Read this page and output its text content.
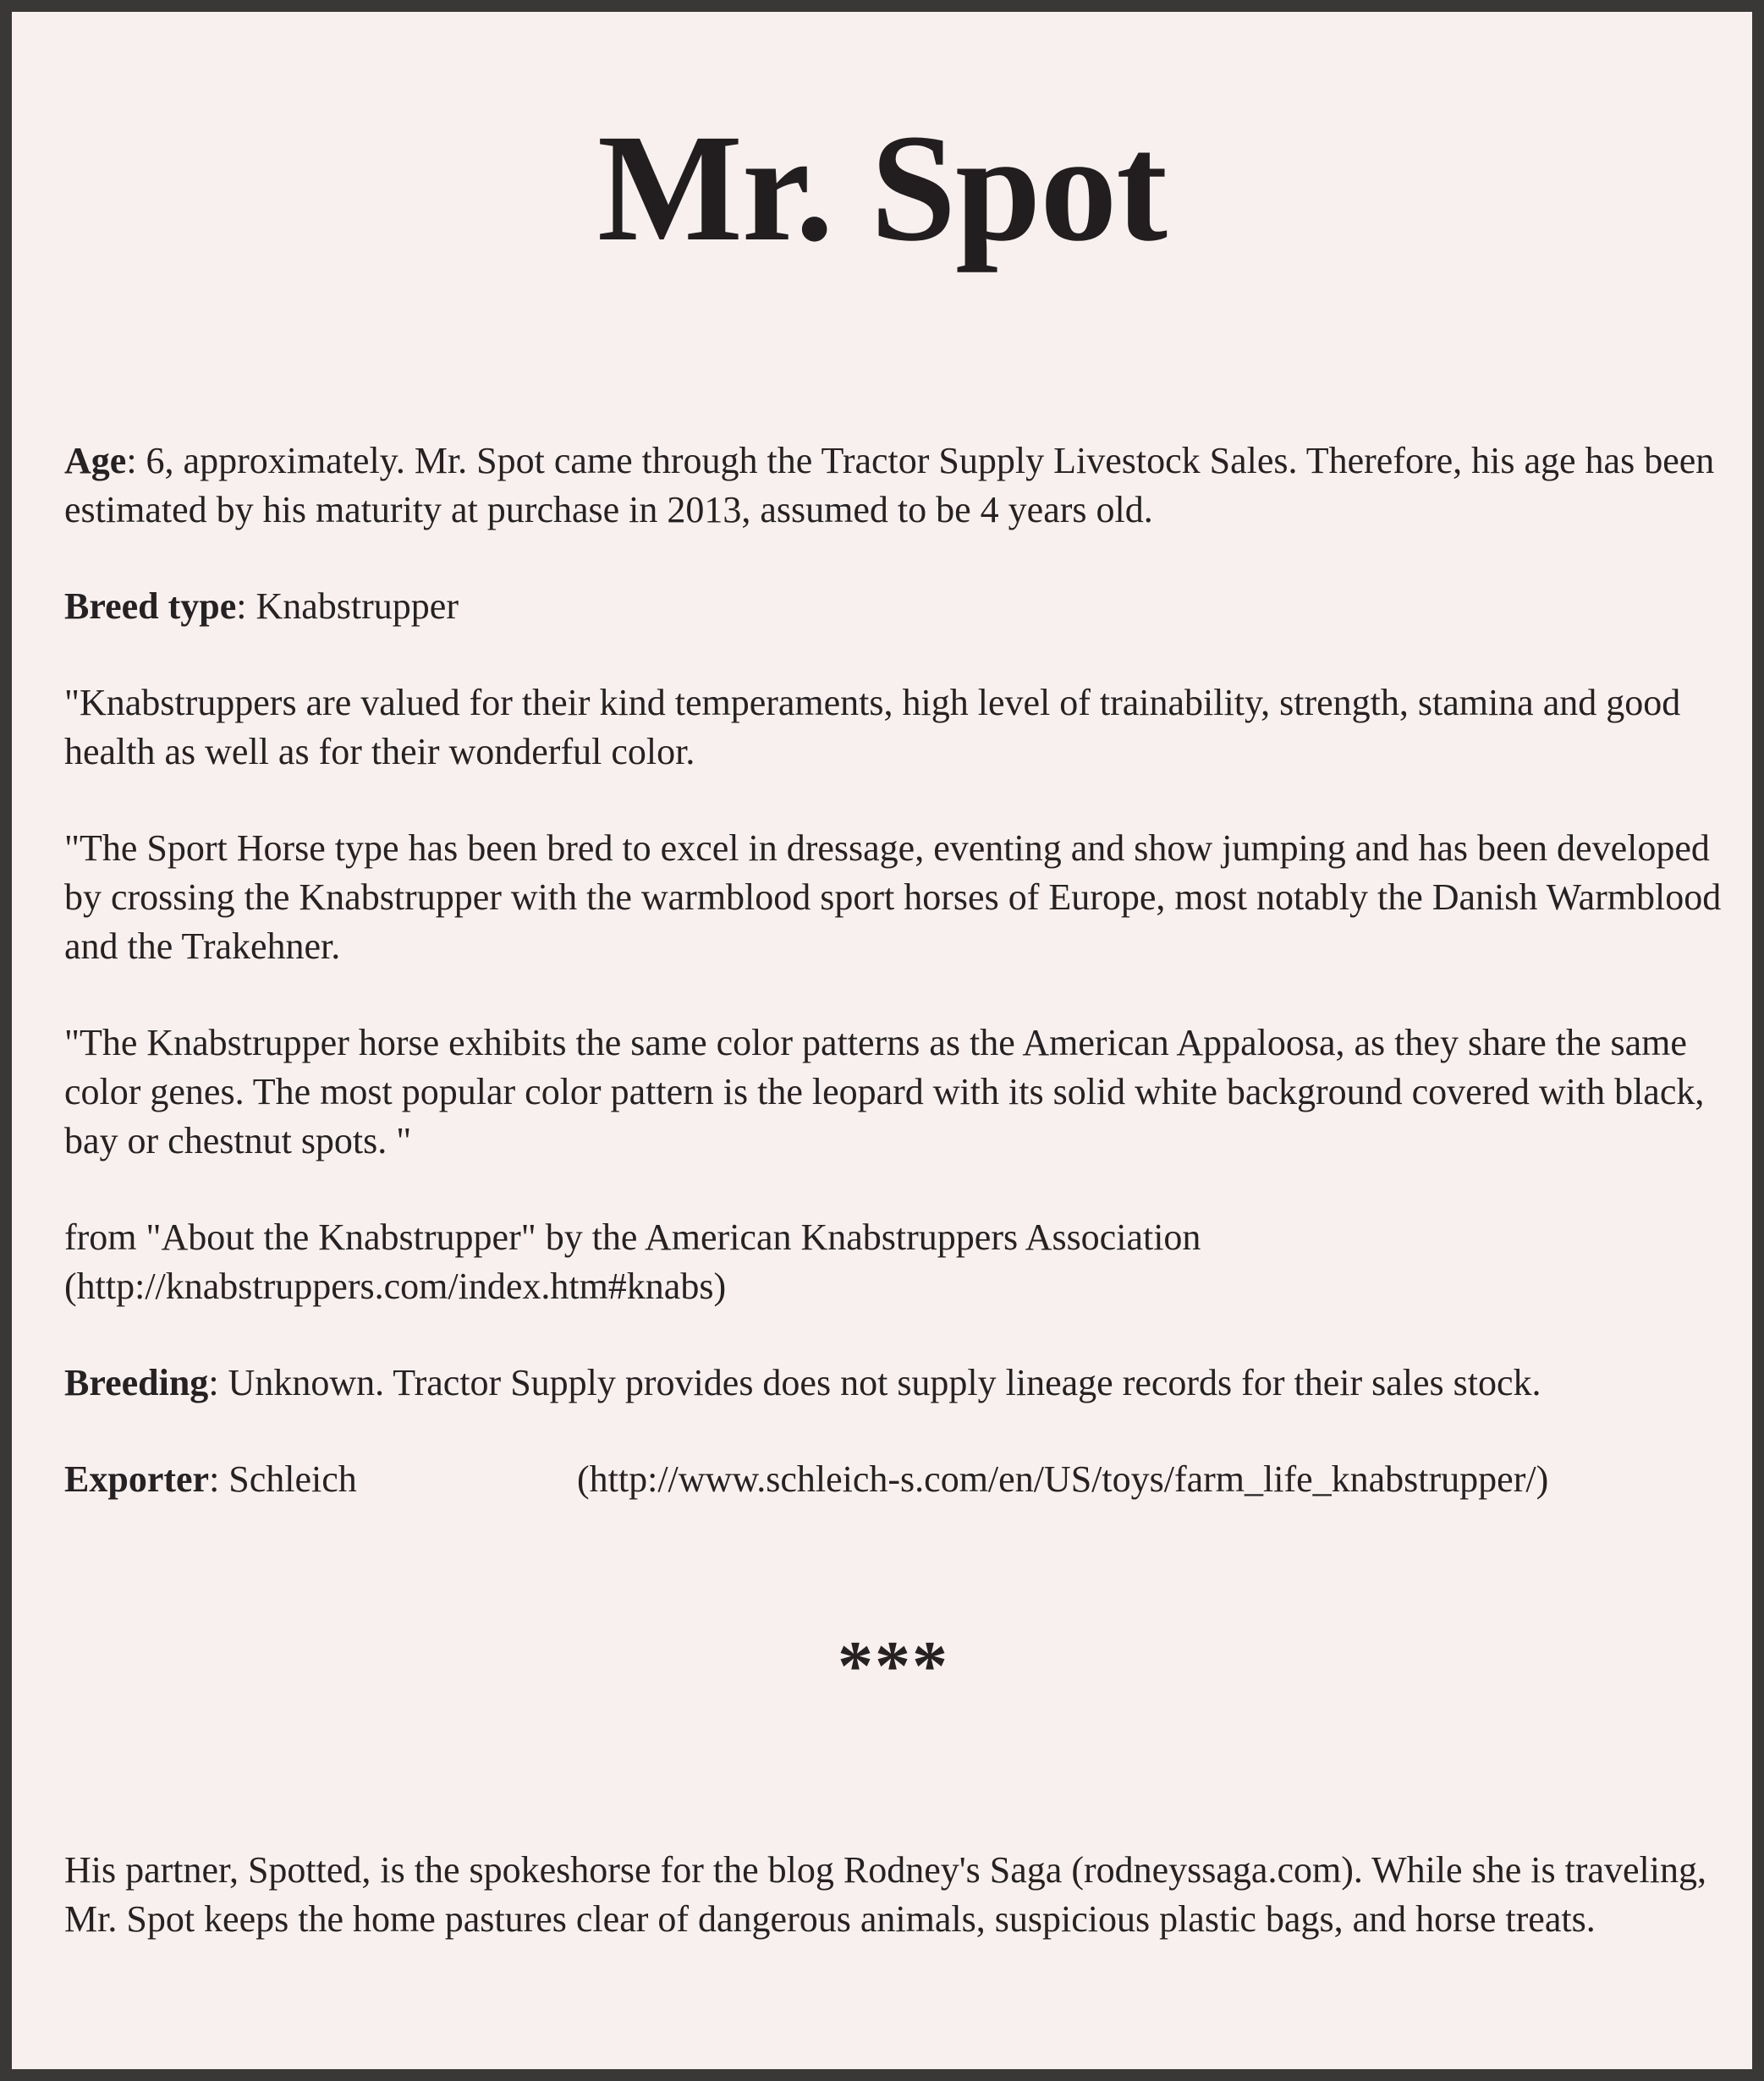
Mr. Spot

Age: 6, approximately. Mr. Spot came through the Tractor Supply Livestock Sales. Therefore, his age has been estimated by his maturity at purchase in 2013, assumed to be 4 years old.

Breed type: Knabstrupper

"Knabstruppers are valued for their kind temperaments, high level of trainability, strength, stamina and good health as well as for their wonderful color.

"The Sport Horse type has been bred to excel in dressage, eventing and show jumping and has been developed by crossing the Knabstrupper with the warmblood sport horses of Europe, most notably the Danish Warmblood and the Trakehner.

"The Knabstrupper horse exhibits the same color patterns as the American Appaloosa, as they share the same color genes. The most popular color pattern is the leopard with its solid white background covered with black, bay or chestnut spots. "

from "About the Knabstrupper" by the American Knabstruppers Association
(http://knabstruppers.com/index.htm#knabs)

Breeding: Unknown. Tractor Supply provides does not supply lineage records for their sales stock.

Exporter: Schleich	(http://www.schleich-s.com/en/US/toys/farm_life_knabstrupper/)
***

His partner, Spotted, is the spokeshorse for the blog Rodney's Saga (rodneyssaga.com). While she is traveling, Mr. Spot keeps the home pastures clear of dangerous animals, suspicious plastic bags, and horse treats.
